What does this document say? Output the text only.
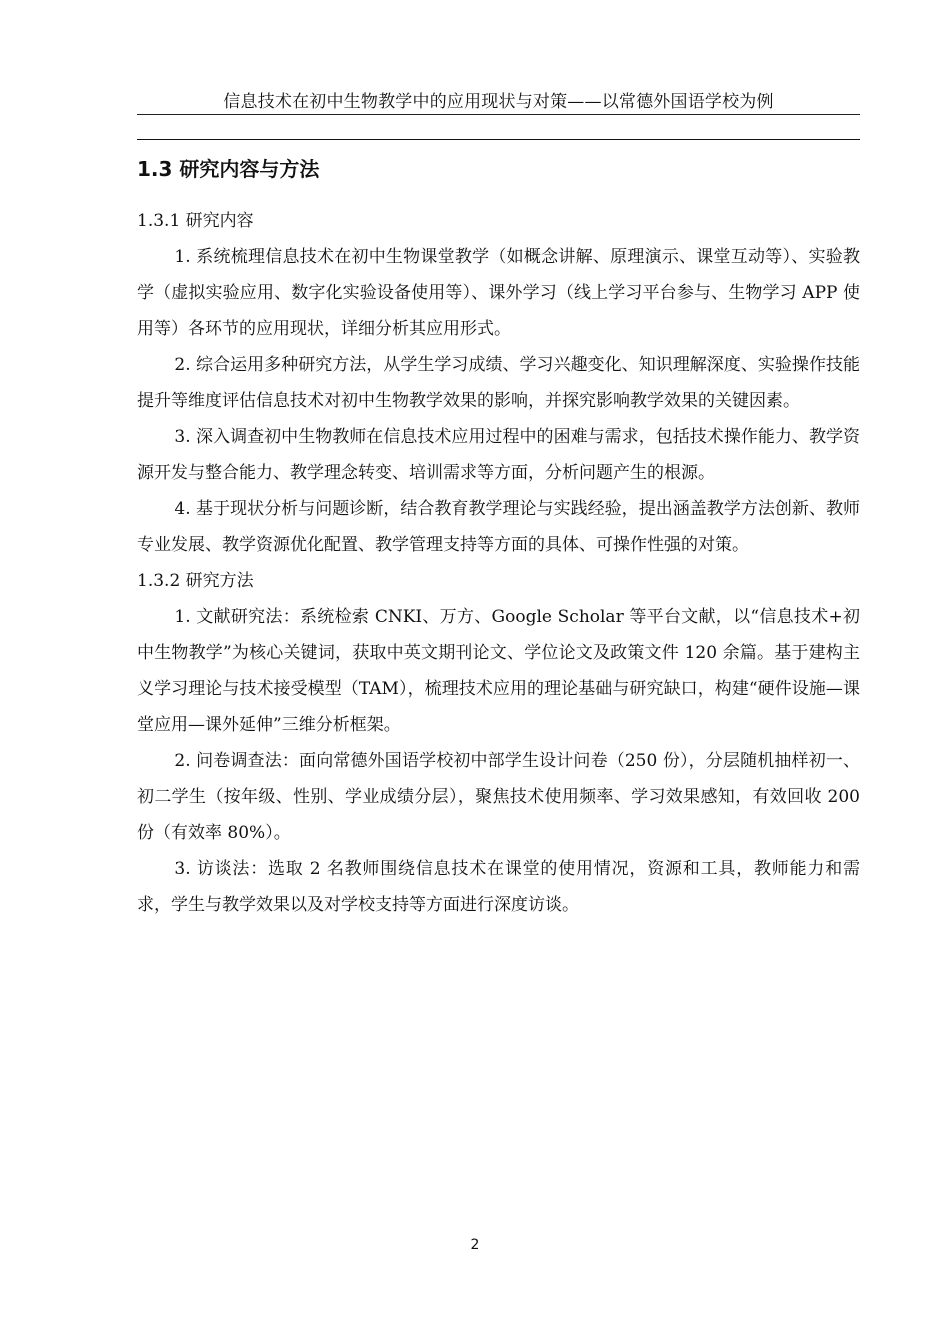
信息技术在初中生物教学中的应用现状与对策——以常德外国语学校为例
1.3 研究内容与方法
1.3.1 研究内容

1. 系统梳理信息技术在初中生物课堂教学（如概念讲解、原理演示、课堂互动等）、实验教学（虚拟实验应用、数字化实验设备使用等）、课外学习（线上学习平台参与、生物学习 APP 使用等）各环节的应用现状，详细分析其应用形式。

2. 综合运用多种研究方法，从学生学习成绩、学习兴趣变化、知识理解深度、实验操作技能提升等维度评估信息技术对初中生物教学效果的影响，并探究影响教学效果的关键因素。

3. 深入调查初中生物教师在信息技术应用过程中的困难与需求，包括技术操作能力、教学资源开发与整合能力、教学理念转变、培训需求等方面，分析问题产生的根源。

4. 基于现状分析与问题诊断，结合教育教学理论与实践经验，提出涵盖教学方法创新、教师专业发展、教学资源优化配置、教学管理支持等方面的具体、可操作性强的对策。

1.3.2 研究方法

1. 文献研究法：系统检索 CNKI、万方、Google Scholar 等平台文献，以“信息技术+初中生物教学”为核心关键词，获取中英文期刊论文、学位论文及政策文件 120 余篇。基于建构主义学习理论与技术接受模型（TAM），梳理技术应用的理论基础与研究缺口，构建“硬件设施—课堂应用—课外延伸”三维分析框架。

2. 问卷调查法：面向常德外国语学校初中部学生设计问卷（250 份），分层随机抽样初一、初二学生（按年级、性别、学业成绩分层），聚焦技术使用频率、学习效果感知，有效回收 200 份（有效率 80%）。

3. 访谈法：选取 2 名教师围绕信息技术在课堂的使用情况，资源和工具，教师能力和需求，学生与教学效果以及对学校支持等方面进行深度访谈。

2
